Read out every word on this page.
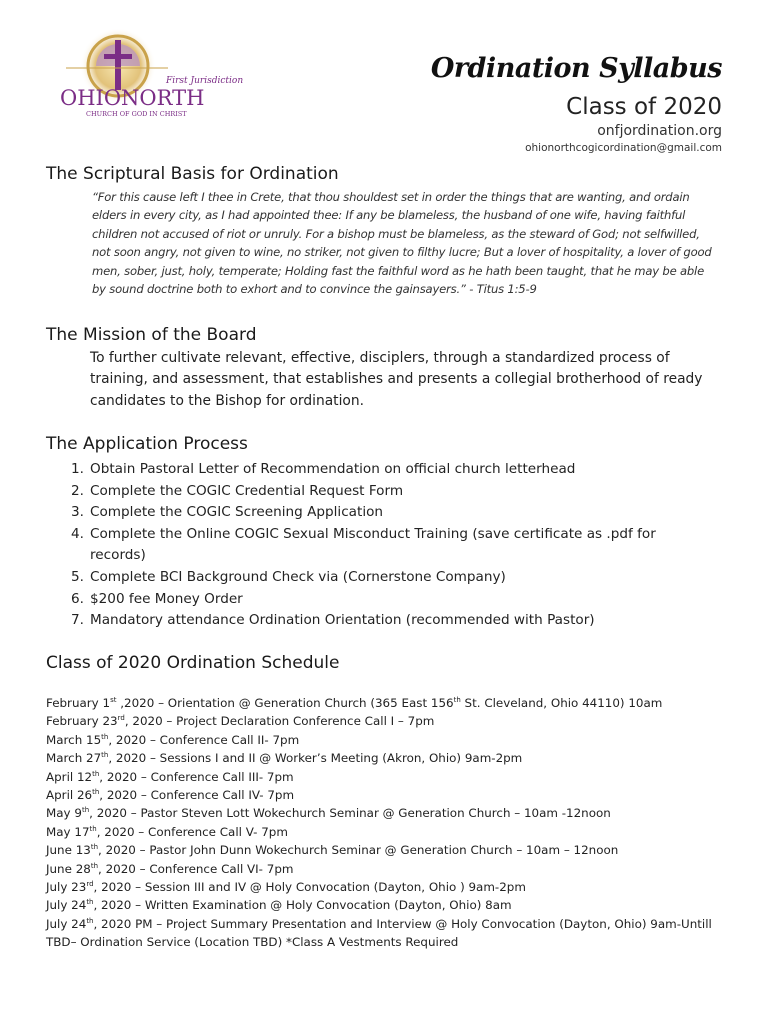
First Jurisdiction
OHIONORTH
CHURCH OF GOD IN CHRIST
Ordination Syllabus
Class of 2020
onfjordination.org
ohionorthcogicordination@gmail.com
The Scriptural Basis for Ordination
“For this cause left I thee in Crete, that thou shouldest set in order the things that are wanting, and ordain elders in every city, as I had appointed thee: If any be blameless, the husband of one wife, having faithful children not accused of riot or unruly. For a bishop must be blameless, as the steward of God; not selfwilled, not soon angry, not given to wine, no striker, not given to filthy lucre; But a lover of hospitality, a lover of good men, sober, just, holy, temperate; Holding fast the faithful word as he hath been taught, that he may be able by sound doctrine both to exhort and to convince the gainsayers.” - Titus 1:5-9
The Mission of the Board
To further cultivate relevant, effective, disciplers, through a standardized process of training, and assessment, that establishes and presents a collegial brotherhood of ready candidates to the Bishop for ordination.
The Application Process
1. Obtain Pastoral Letter of Recommendation on official church letterhead
2. Complete the COGIC Credential Request Form
3. Complete the COGIC Screening Application
4. Complete the Online COGIC Sexual Misconduct Training (save certificate as .pdf for records)
5. Complete BCI Background Check via (Cornerstone Company)
6. $200 fee Money Order
7. Mandatory attendance Ordination Orientation (recommended with Pastor)
Class of 2020 Ordination Schedule
February 1st ,2020 – Orientation @ Generation Church (365 East 156th St. Cleveland, Ohio 44110) 10am
February 23rd, 2020 – Project Declaration Conference Call I – 7pm
March 15th, 2020 – Conference Call II- 7pm
March 27th, 2020 – Sessions I and II @ Worker’s Meeting (Akron, Ohio) 9am-2pm
April 12th, 2020 – Conference Call III- 7pm
April 26th, 2020 – Conference Call IV- 7pm
May 9th, 2020 – Pastor Steven Lott Wokechurch Seminar @ Generation Church – 10am -12noon
May 17th, 2020 – Conference Call V- 7pm
June 13th, 2020 – Pastor John Dunn Wokechurch Seminar @ Generation Church – 10am – 12noon
June 28th, 2020 – Conference Call VI- 7pm
July 23rd, 2020 – Session III and IV @ Holy Convocation (Dayton, Ohio ) 9am-2pm
July 24th, 2020 – Written Examination @ Holy Convocation (Dayton, Ohio) 8am
July 24th, 2020 PM – Project Summary Presentation and Interview @ Holy Convocation (Dayton, Ohio) 9am-Untill
TBD– Ordination Service (Location TBD) *Class A Vestments Required
